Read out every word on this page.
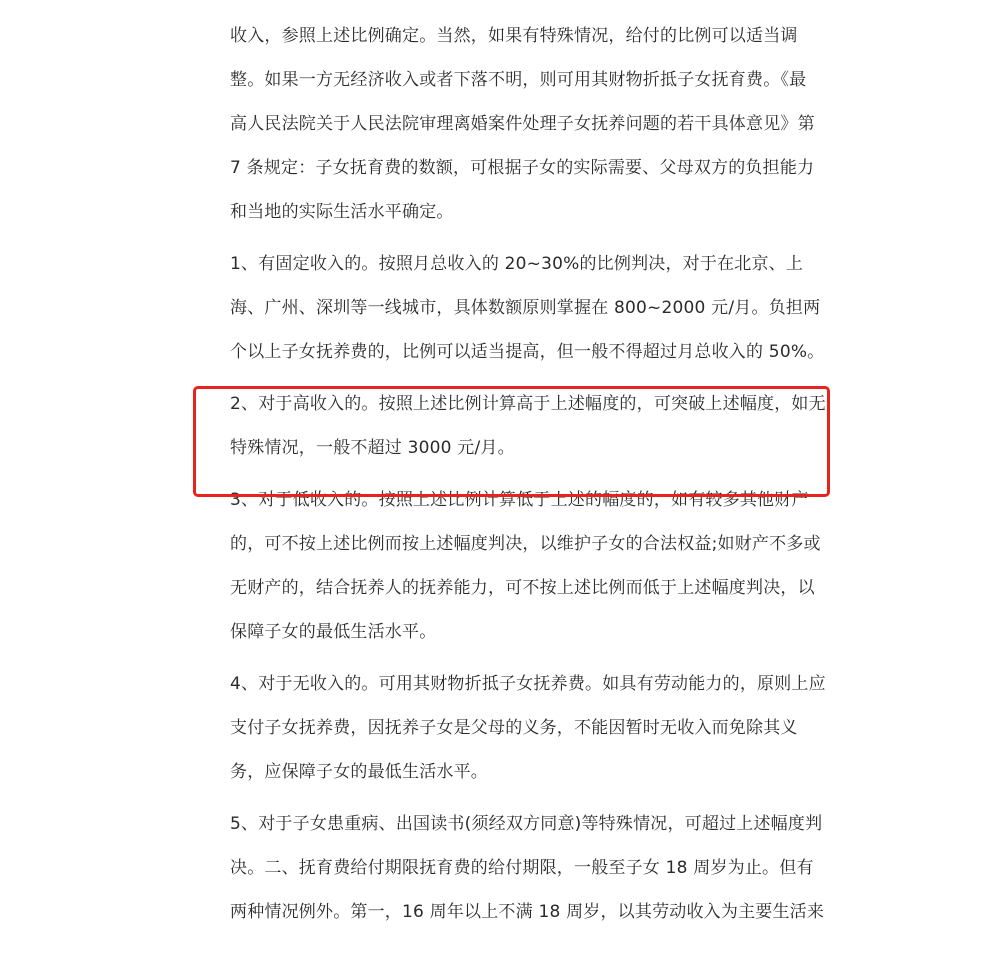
收入，参照上述比例确定。当然，如果有特殊情况，给付的比例可以适当调
整。如果一方无经济收入或者下落不明，则可用其财物折抵子女抚育费。《最
高人民法院关于人民法院审理离婚案件处理子女抚养问题的若干具体意见》第
7 条规定：子女抚育费的数额，可根据子女的实际需要、父母双方的负担能力
和当地的实际生活水平确定。
1、有固定收入的。按照月总收入的 20~30%的比例判决，对于在北京、上
海、广州、深圳等一线城市，具体数额原则掌握在 800~2000 元/月。负担两
个以上子女抚养费的，比例可以适当提高，但一般不得超过月总收入的 50%。
2、对于高收入的。按照上述比例计算高于上述幅度的，可突破上述幅度，如无
特殊情况，一般不超过 3000 元/月。
3、对于低收入的。按照上述比例计算低于上述的幅度的，如有较多其他财产
的，可不按上述比例而按上述幅度判决，以维护子女的合法权益;如财产不多或
无财产的，结合抚养人的抚养能力，可不按上述比例而低于上述幅度判决，以
保障子女的最低生活水平。
4、对于无收入的。可用其财物折抵子女抚养费。如具有劳动能力的，原则上应
支付子女抚养费，因抚养子女是父母的义务，不能因暂时无收入而免除其义
务，应保障子女的最低生活水平。
5、对于子女患重病、出国读书(须经双方同意)等特殊情况，可超过上述幅度判
决。二、抚育费给付期限抚育费的给付期限，一般至子女 18 周岁为止。但有
两种情况例外。第一，16 周年以上不满 18 周岁，以其劳动收入为主要生活来
